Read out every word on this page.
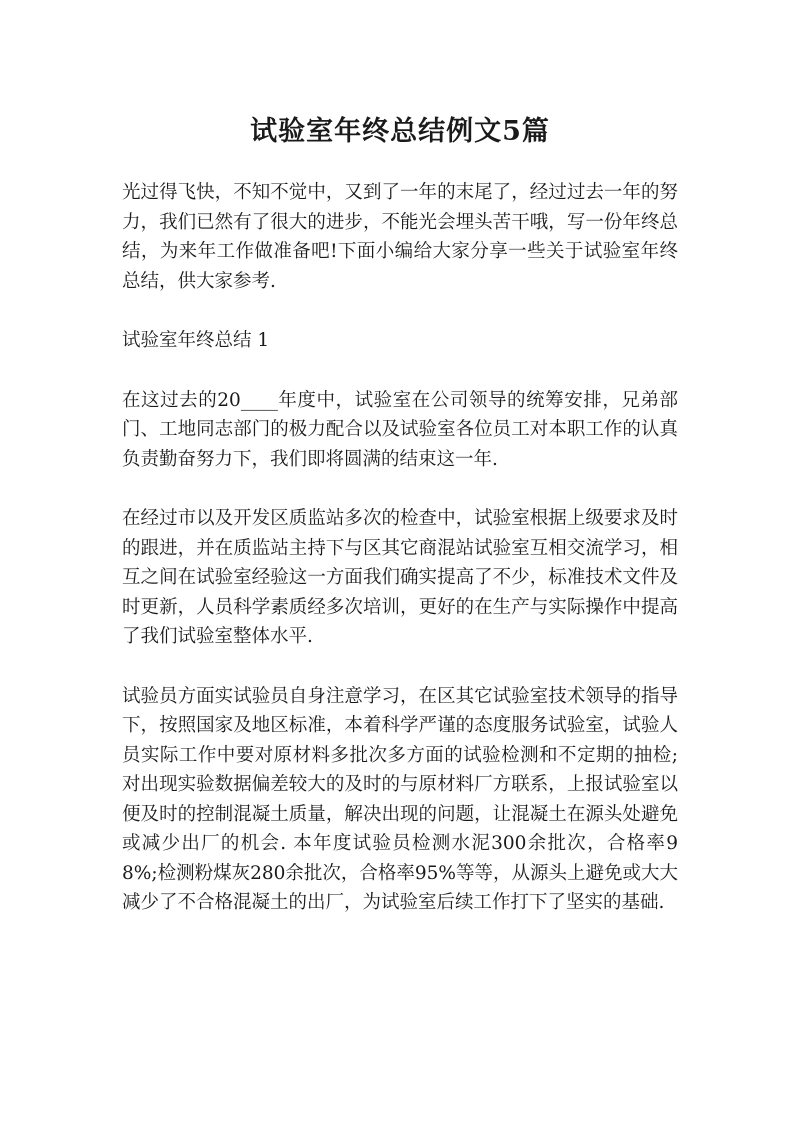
试验室年终总结例文5篇

光过得飞快，不知不觉中，又到了一年的末尾了，经过过去一年的努力，我们已然有了很大的进步，不能光会埋头苦干哦，写一份年终总结，为来年工作做准备吧!下面小编给大家分享一些关于试验室年终总结，供大家参考.

试验室年终总结 1

在这过去的20____年度中，试验室在公司领导的统筹安排，兄弟部门、工地同志部门的极力配合以及试验室各位员工对本职工作的认真负责勤奋努力下，我们即将圆满的结束这一年.

在经过市以及开发区质监站多次的检查中，试验室根据上级要求及时的跟进，并在质监站主持下与区其它商混站试验室互相交流学习，相互之间在试验室经验这一方面我们确实提高了不少，标准技术文件及时更新，人员科学素质经多次培训，更好的在生产与实际操作中提高了我们试验室整体水平.

试验员方面实试验员自身注意学习，在区其它试验室技术领导的指导下，按照国家及地区标准，本着科学严谨的态度服务试验室，试验人员实际工作中要对原材料多批次多方面的试验检测和不定期的抽检;对出现实验数据偏差较大的及时的与原材料厂方联系，上报试验室以便及时的控制混凝土质量，解决出现的问题，让混凝土在源头处避免或减少出厂的机会. 本年度试验员检测水泥300余批次，合格率98%;检测粉煤灰280余批次，合格率95%等等，从源头上避免或大大减少了不合格混凝土的出厂，为试验室后续工作打下了坚实的基础.
